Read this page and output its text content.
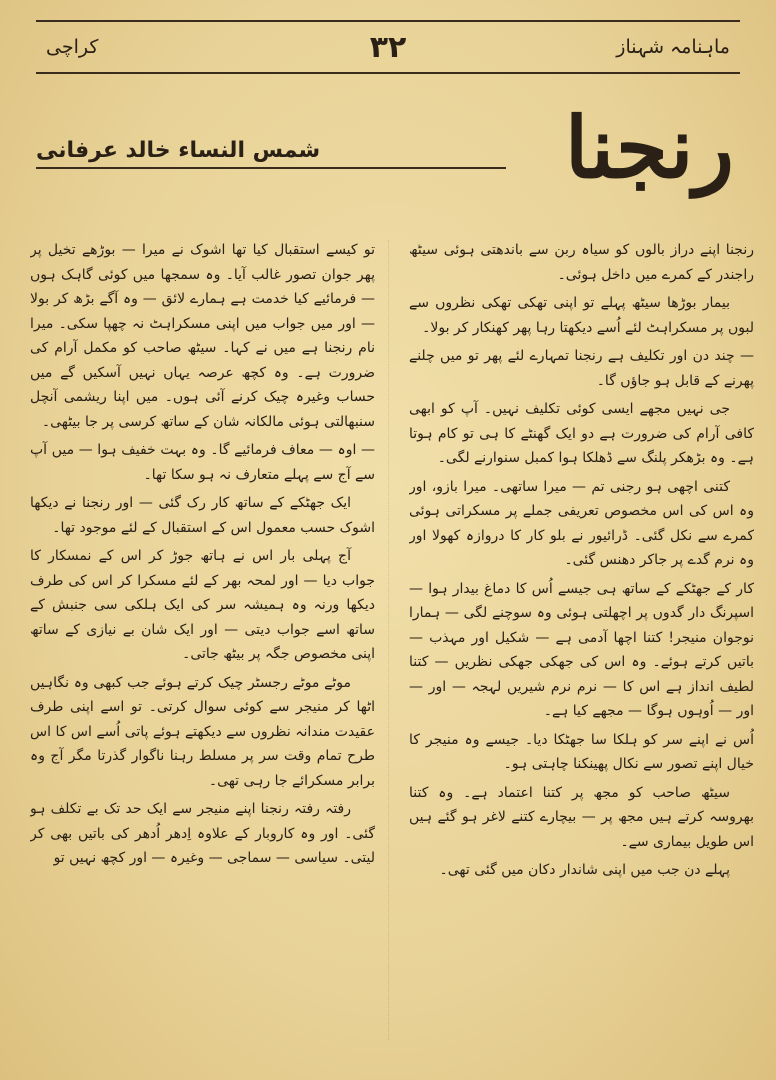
ماہنامہ شہناز
۳۲
کراچی
رنجنا
شمس النساء خالد عرفانی

رنجنا اپنے دراز بالوں کو سیاہ ربن سے باندھتی ہوئی سیٹھ راجندر کے کمرے میں داخل ہوئی۔

بیمار بوڑھا سیٹھ پہلے تو اپنی تھکی تھکی نظروں سے لبوں پر مسکراہٹ لئے اُسے دیکھتا رہا پھر کھنکار کر بولا۔

— چند دن اور تکلیف ہے رنجنا تمہارے لئے پھر تو میں چلنے پھرنے کے قابل ہو جاؤں گا۔

جی نہیں مجھے ایسی کوئی تکلیف نہیں۔ آپ کو ابھی کافی آرام کی ضرورت ہے دو ایک گھنٹے کا ہی تو کام ہوتا ہے۔ وہ بڑھکر پلنگ سے ڈھلکا ہوا کمبل سنوارنے لگی۔

کتنی اچھی ہو رجنی تم — میرا ساتھی۔ میرا بازو، اور وہ اس کی اس مخصوص تعریفی جملے پر مسکراتی ہوئی کمرے سے نکل گئی۔ ڈرائیور نے بلو کار کا دروازہ کھولا اور وہ نرم گدے پر جاکر دھنس گئی۔

کار کے جھٹکے کے ساتھ ہی جیسے اُس کا دماغ بیدار ہوا — اسپرنگ دار گدوں پر اچھلتی ہوئی وہ سوچنے لگی — ہمارا نوجوان منیجر! کتنا اچھا آدمی ہے — شکیل اور مہذب — باتیں کرتے ہوئے۔ وہ اس کی جھکی جھکی نظریں — کتنا لطیف انداز ہے اس کا — نرم نرم شیریں لہجہ — اور — اور — اُوہوں ہوگا — مجھے کیا ہے۔

اُس نے اپنے سر کو ہلکا سا جھٹکا دیا۔ جیسے وہ منیجر کا خیال اپنے تصور سے نکال پھینکنا چاہتی ہو۔

سیٹھ صاحب کو مجھ پر کتنا اعتماد ہے۔ وہ کتنا بھروسہ کرتے ہیں مجھ پر — بیچارے کتنے لاغر ہو گئے ہیں اس طویل بیماری سے۔

پہلے دن جب میں اپنی شاندار دکان میں گئی تھی۔

تو کیسے استقبال کیا تھا اشوک نے میرا — بوڑھے تخیل پر پھر جوان تصور غالب آیا۔ وہ سمجھا میں کوئی گاہک ہوں — فرمائیے کیا خدمت ہے ہمارے لائق — وہ آگے بڑھ کر بولا — اور میں جواب میں اپنی مسکراہٹ نہ چھپا سکی۔ میرا نام رنجنا ہے میں نے کہا۔ سیٹھ صاحب کو مکمل آرام کی ضرورت ہے۔ وہ کچھ عرصہ یہاں نہیں آسکیں گے میں حساب وغیرہ چیک کرنے آئی ہوں۔ میں اپنا ریشمی آنچل سنبھالتی ہوئی مالکانہ شان کے ساتھ کرسی پر جا بیٹھی۔

— اوہ — معاف فرمائیے گا۔ وہ بہت خفیف ہوا — میں آپ سے آج سے پہلے متعارف نہ ہو سکا تھا۔

ایک جھٹکے کے ساتھ کار رک گئی — اور رنجنا نے دیکھا اشوک حسب معمول اس کے استقبال کے لئے موجود تھا۔

آج پہلی بار اس نے ہاتھ جوڑ کر اس کے نمسکار کا جواب دیا — اور لمحہ بھر کے لئے مسکرا کر اس کی طرف دیکھا ورنہ وہ ہمیشہ سر کی ایک ہلکی سی جنبش کے ساتھ اسے جواب دیتی — اور ایک شان بے نیازی کے ساتھ اپنی مخصوص جگہ پر بیٹھ جاتی۔

موٹے موٹے رجسٹر چیک کرتے ہوئے جب کبھی وہ نگاہیں اٹھا کر منیجر سے کوئی سوال کرتی۔ تو اسے اپنی طرف عقیدت مندانہ نظروں سے دیکھتے ہوئے پاتی اُسے اس کا اس طرح تمام وقت سر پر مسلط رہنا ناگوار گذرتا مگر آج وہ برابر مسکرائے جا رہی تھی۔

رفتہ رفتہ رنجنا اپنے منیجر سے ایک حد تک بے تکلف ہو گئی۔ اور وہ کاروبار کے علاوہ اِدھر اُدھر کی باتیں بھی کر لیتی۔ سیاسی — سماجی — وغیرہ — اور کچھ نہیں تو
